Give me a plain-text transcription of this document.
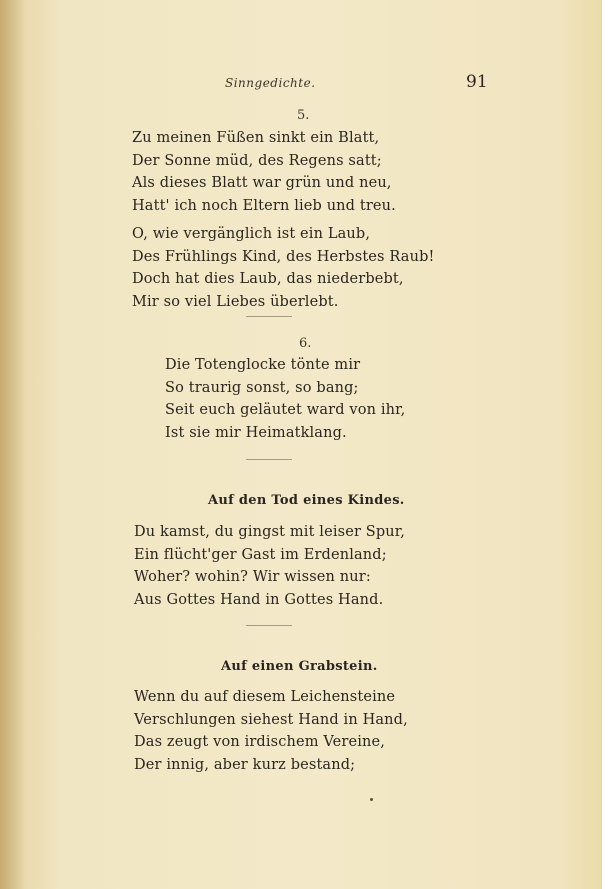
Sinngedichte.	91
5.
Zu meinen Füßen sinkt ein Blatt,
Der Sonne müd, des Regens satt;
Als dieses Blatt war grün und neu,
Hatt' ich noch Eltern lieb und treu.
O, wie vergänglich ist ein Laub,
Des Frühlings Kind, des Herbstes Raub!
Doch hat dies Laub, das niederbebt,
Mir so viel Liebes überlebt.
6.
Die Totenglocke tönte mir
So traurig sonst, so bang;
Seit euch geläutet ward von ihr,
Ist sie mir Heimatklang.
Auf den Tod eines Kindes.
Du kamst, du gingst mit leiser Spur,
Ein flücht'ger Gast im Erdenland;
Woher? wohin? Wir wissen nur:
Aus Gottes Hand in Gottes Hand.
Auf einen Grabstein.
Wenn du auf diesem Leichensteine
Verschlungen siehest Hand in Hand,
Das zeugt von irdischem Vereine,
Der innig, aber kurz bestand;
